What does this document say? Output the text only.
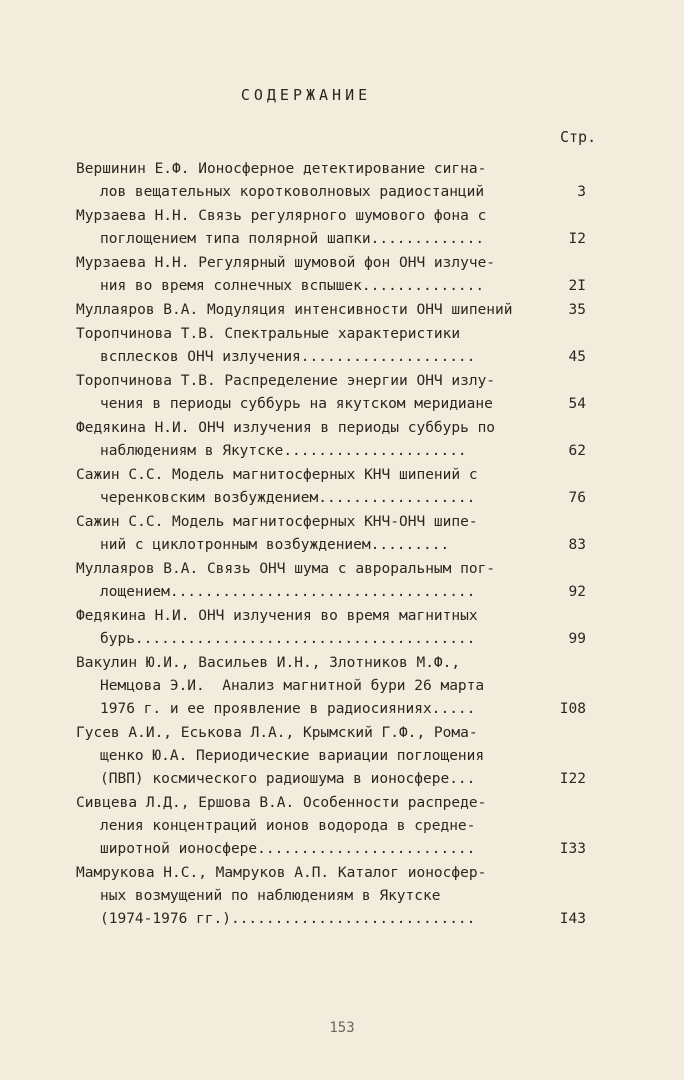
СОДЕРЖАНИЕ
Стр.
Вершинин Е.Ф. Ионосферное детектирование сигна-
лов вещательных коротковолновых радиостанций	3
Мурзаева Н.Н. Связь регулярного шумового фона с
поглощением типа полярной шапки.............	I2
Мурзаева Н.Н. Регулярный шумовой фон ОНЧ излуче-
ния во время солнечных вспышек..............	2I
Муллаяров В.А. Модуляция интенсивности ОНЧ шипений	35
Торопчинова Т.В. Спектральные характеристики
всплесков ОНЧ излучения....................	45
Торопчинова Т.В. Распределение энергии ОНЧ излу-
чения в периоды суббурь на якутском меридиане	54
Федякина Н.И. ОНЧ излучения в периоды суббурь по
наблюдениям в Якутске.....................	62
Сажин С.С. Модель магнитосферных КНЧ шипений с
черенковским возбуждением..................	76
Сажин С.С. Модель магнитосферных КНЧ-ОНЧ шипе-
ний с циклотронным возбуждением.........	83
Муллаяров В.А. Связь ОНЧ шума с авроральным пог-
лощением...................................	92
Федякина Н.И. ОНЧ излучения во время магнитных
бурь.......................................	99
Вакулин Ю.И., Васильев И.Н., Злотников М.Ф.,
Немцова Э.И.  Анализ магнитной бури 26 марта
1976 г. и ее проявление в радиосияниях.....	I08
Гусев А.И., Еськова Л.А., Крымский Г.Ф., Рома-
щенко Ю.А. Периодические вариации поглощения
(ПВП) космического радиошума в ионосфере...	I22
Сивцева Л.Д., Ершова В.А. Особенности распреде-
ления концентраций ионов водорода в средне-
широтной ионосфере.........................	I33
Мамрукова Н.С., Мамруков А.П. Каталог ионосфер-
ных возмущений по наблюдениям в Якутске
(1974-1976 гг.)............................	I43
153
